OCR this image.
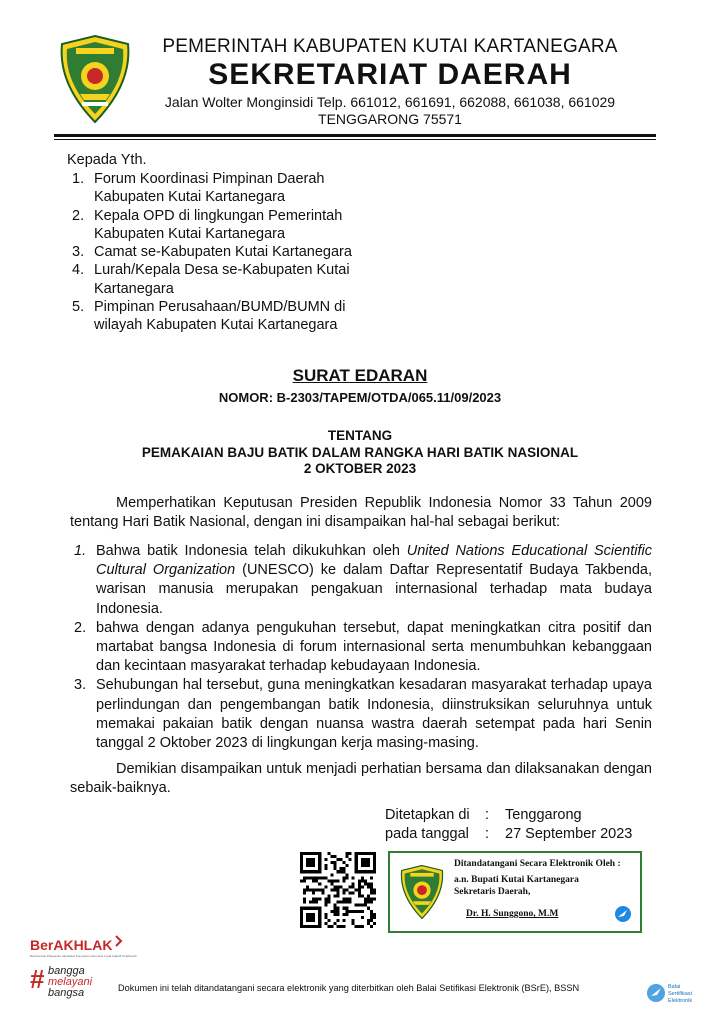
PEMERINTAH KABUPATEN KUTAI KARTANEGARA
SEKRETARIAT DAERAH
Jalan Wolter Monginsidi Telp. 661012, 661691, 662088, 661038, 661029
TENGGARONG 75571
Kepada Yth.
1. Forum Koordinasi Pimpinan Daerah
Kabupaten Kutai Kartanegara
2. Kepala OPD di lingkungan Pemerintah
Kabupaten Kutai Kartanegara
3. Camat se-Kabupaten Kutai Kartanegara
4. Lurah/Kepala Desa se-Kabupaten Kutai
Kartanegara
5. Pimpinan Perusahaan/BUMD/BUMN di
wilayah Kabupaten Kutai Kartanegara
SURAT EDARAN
NOMOR: B-2303/TAPEM/OTDA/065.11/09/2023
TENTANG
PEMAKAIAN BAJU BATIK DALAM RANGKA HARI BATIK NASIONAL
2 OKTOBER 2023

Memperhatikan Keputusan Presiden Republik Indonesia Nomor 33 Tahun 2009 tentang Hari Batik Nasional, dengan ini disampaikan hal-hal sebagai berikut:

1. Bahwa batik Indonesia telah dikukuhkan oleh United Nations Educational Scientific Cultural Organization (UNESCO) ke dalam Daftar Representatif Budaya Takbenda, warisan manusia merupakan pengakuan internasional terhadap mata budaya Indonesia.
2. bahwa dengan adanya pengukuhan tersebut, dapat meningkatkan citra positif dan martabat bangsa Indonesia di forum internasional serta menumbuhkan kebanggaan dan kecintaan masyarakat terhadap kebudayaan Indonesia.
3. Sehubungan hal tersebut, guna meningkatkan kesadaran masyarakat terhadap upaya perlindungan dan pengembangan batik Indonesia, diinstruksikan seluruhnya untuk memakai pakaian batik dengan nuansa wastra daerah setempat pada hari Senin tanggal 2 Oktober 2023 di lingkungan kerja masing-masing.

Demikian disampaikan untuk menjadi perhatian bersama dan dilaksanakan dengan sebaik-baiknya.

Ditetapkan di	:	Tenggarong
pada tanggal	:	27 September 2023
Ditandatangani Secara Elektronik Oleh :
a.n. Bupati Kutai Kartanegara
Sekretaris Daerah,
Dr. H. Sunggono, M.M
BerAKHLAK
Berorientasi Pelayanan Akuntabel Kompeten Harmonis Loyal Adaptif Kolaboratif
# bangga
melayani
bangsa	Dokumen ini telah ditandatangani secara elektronik yang diterbitkan oleh Balai Setifikasi Elektronik (BSrE), BSSN	Balai
Sertifikasi
Elektronik
